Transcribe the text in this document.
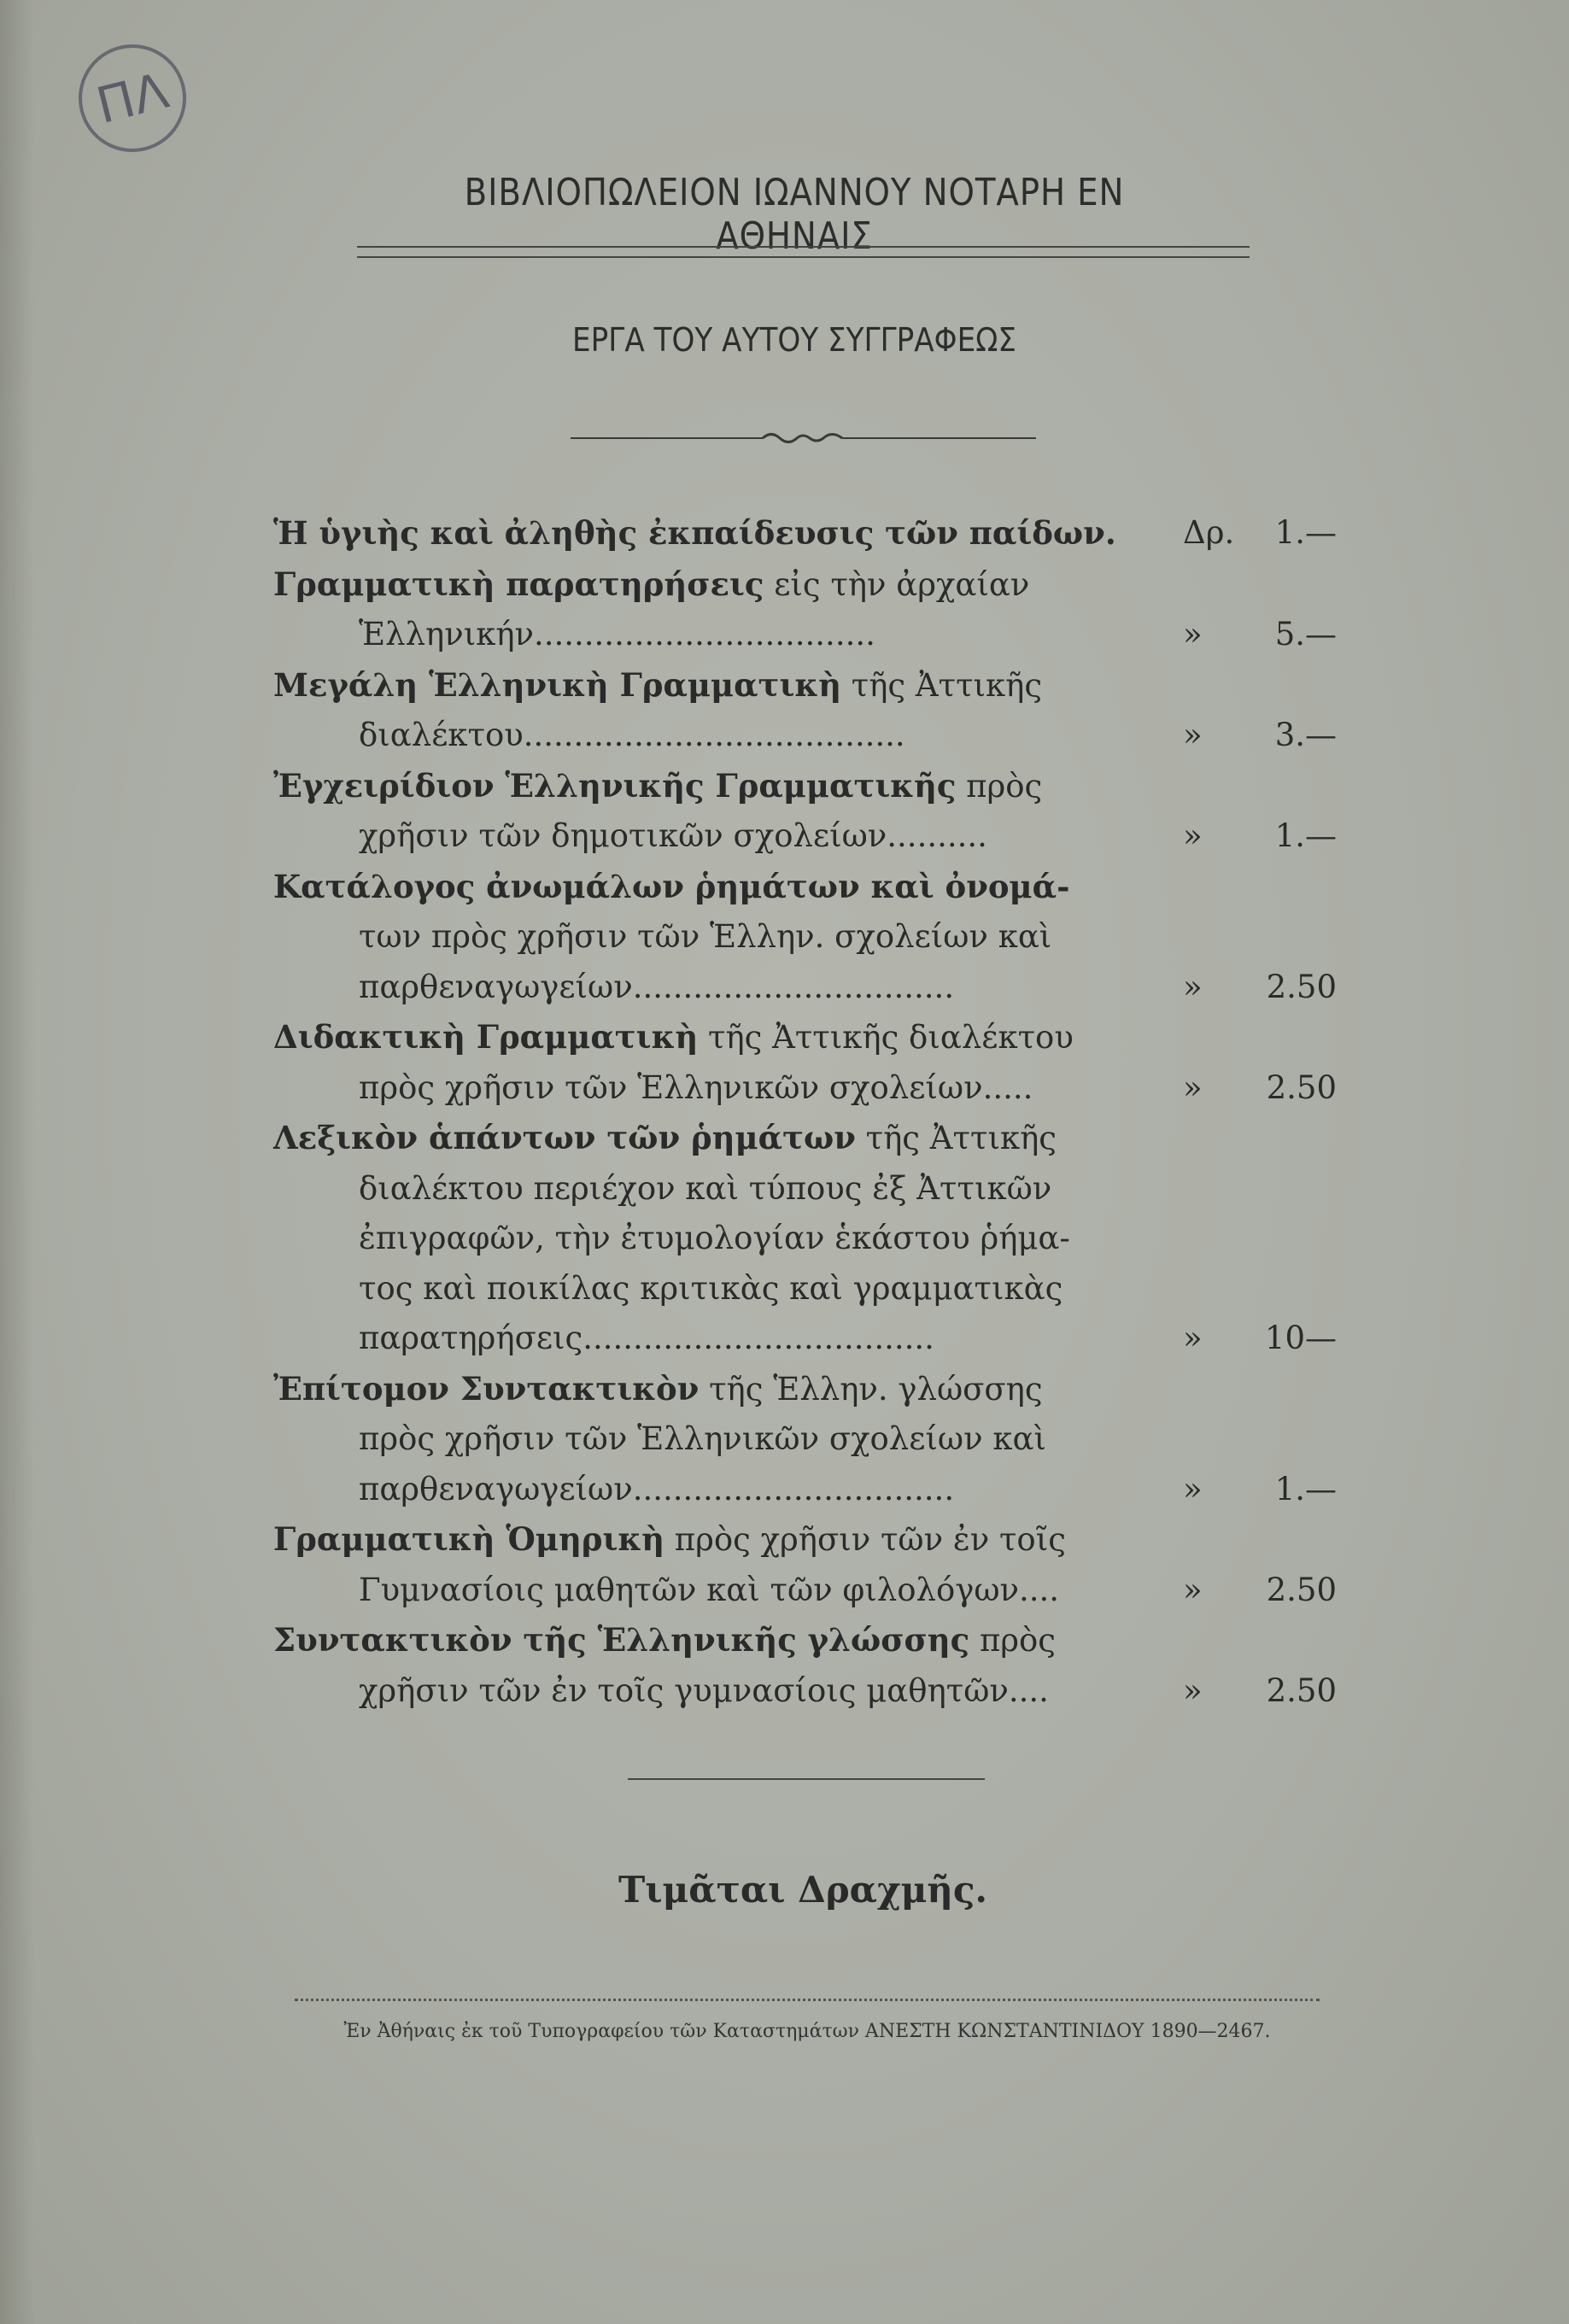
ΠΛ
ΒΙΒΛΙΟΠΩΛΕΙΟΝ ΙΩΑΝΝΟΥ ΝΟΤΑΡΗ ΕΝ ΑΘΗΝΑΙΣ
ΕΡΓΑ ΤΟΥ ΑΥΤΟΥ ΣΥΓΓΡΑΦΕΩΣ
Ἡ ὑγιὴς καὶ ἀληθὴς ἐκπαίδευσις τῶν παίδων.	Δρ. 1.—
Γραμματικὴ παρατηρήσεις εἰς τὴν ἀρχαίαν
Ἑλληνικήν..................................	» 5.—
Μεγάλη Ἑλληνικὴ Γραμματικὴ τῆς Ἀττικῆς
διαλέκτου......................................	» 3.—
Ἐγχειρίδιον Ἑλληνικῆς Γραμματικῆς πρὸς
χρῆσιν τῶν δημοτικῶν σχολείων..........	» 1.—
Κατάλογος ἀνωμάλων ῥημάτων καὶ ὀνομά-
των πρὸς χρῆσιν τῶν Ἑλλην. σχολείων καὶ
παρθεναγωγείων................................	» 2.50
Διδακτικὴ Γραμματικὴ τῆς Ἀττικῆς διαλέκτου
πρὸς χρῆσιν τῶν Ἑλληνικῶν σχολείων.....	» 2.50
Λεξικὸν ἁπάντων τῶν ῥημάτων τῆς Ἀττικῆς
διαλέκτου περιέχον καὶ τύπους ἐξ Ἀττικῶν
ἐπιγραφῶν, τὴν ἐτυμολογίαν ἑκάστου ῥήμα-
τος καὶ ποικίλας κριτικὰς καὶ γραμματικὰς
παρατηρήσεις...................................	» 10—
Ἐπίτομον Συντακτικὸν τῆς Ἑλλην. γλώσσης
πρὸς χρῆσιν τῶν Ἑλληνικῶν σχολείων καὶ
παρθεναγωγείων................................	» 1.—
Γραμματικὴ Ὁμηρικὴ πρὸς χρῆσιν τῶν ἐν τοῖς
Γυμνασίοις μαθητῶν καὶ τῶν φιλολόγων....	» 2.50
Συντακτικὸν τῆς Ἑλληνικῆς γλώσσης πρὸς
χρῆσιν τῶν ἐν τοῖς γυμνασίοις μαθητῶν....	» 2.50
Τιμᾶται Δραχμῆς.
Ἐν Ἀθήναις ἐκ τοῦ Τυπογραφείου τῶν Καταστημάτων ΑΝΕΣΤΗ ΚΩΝΣΤΑΝΤΙΝΙΔΟΥ 1890—2467.
